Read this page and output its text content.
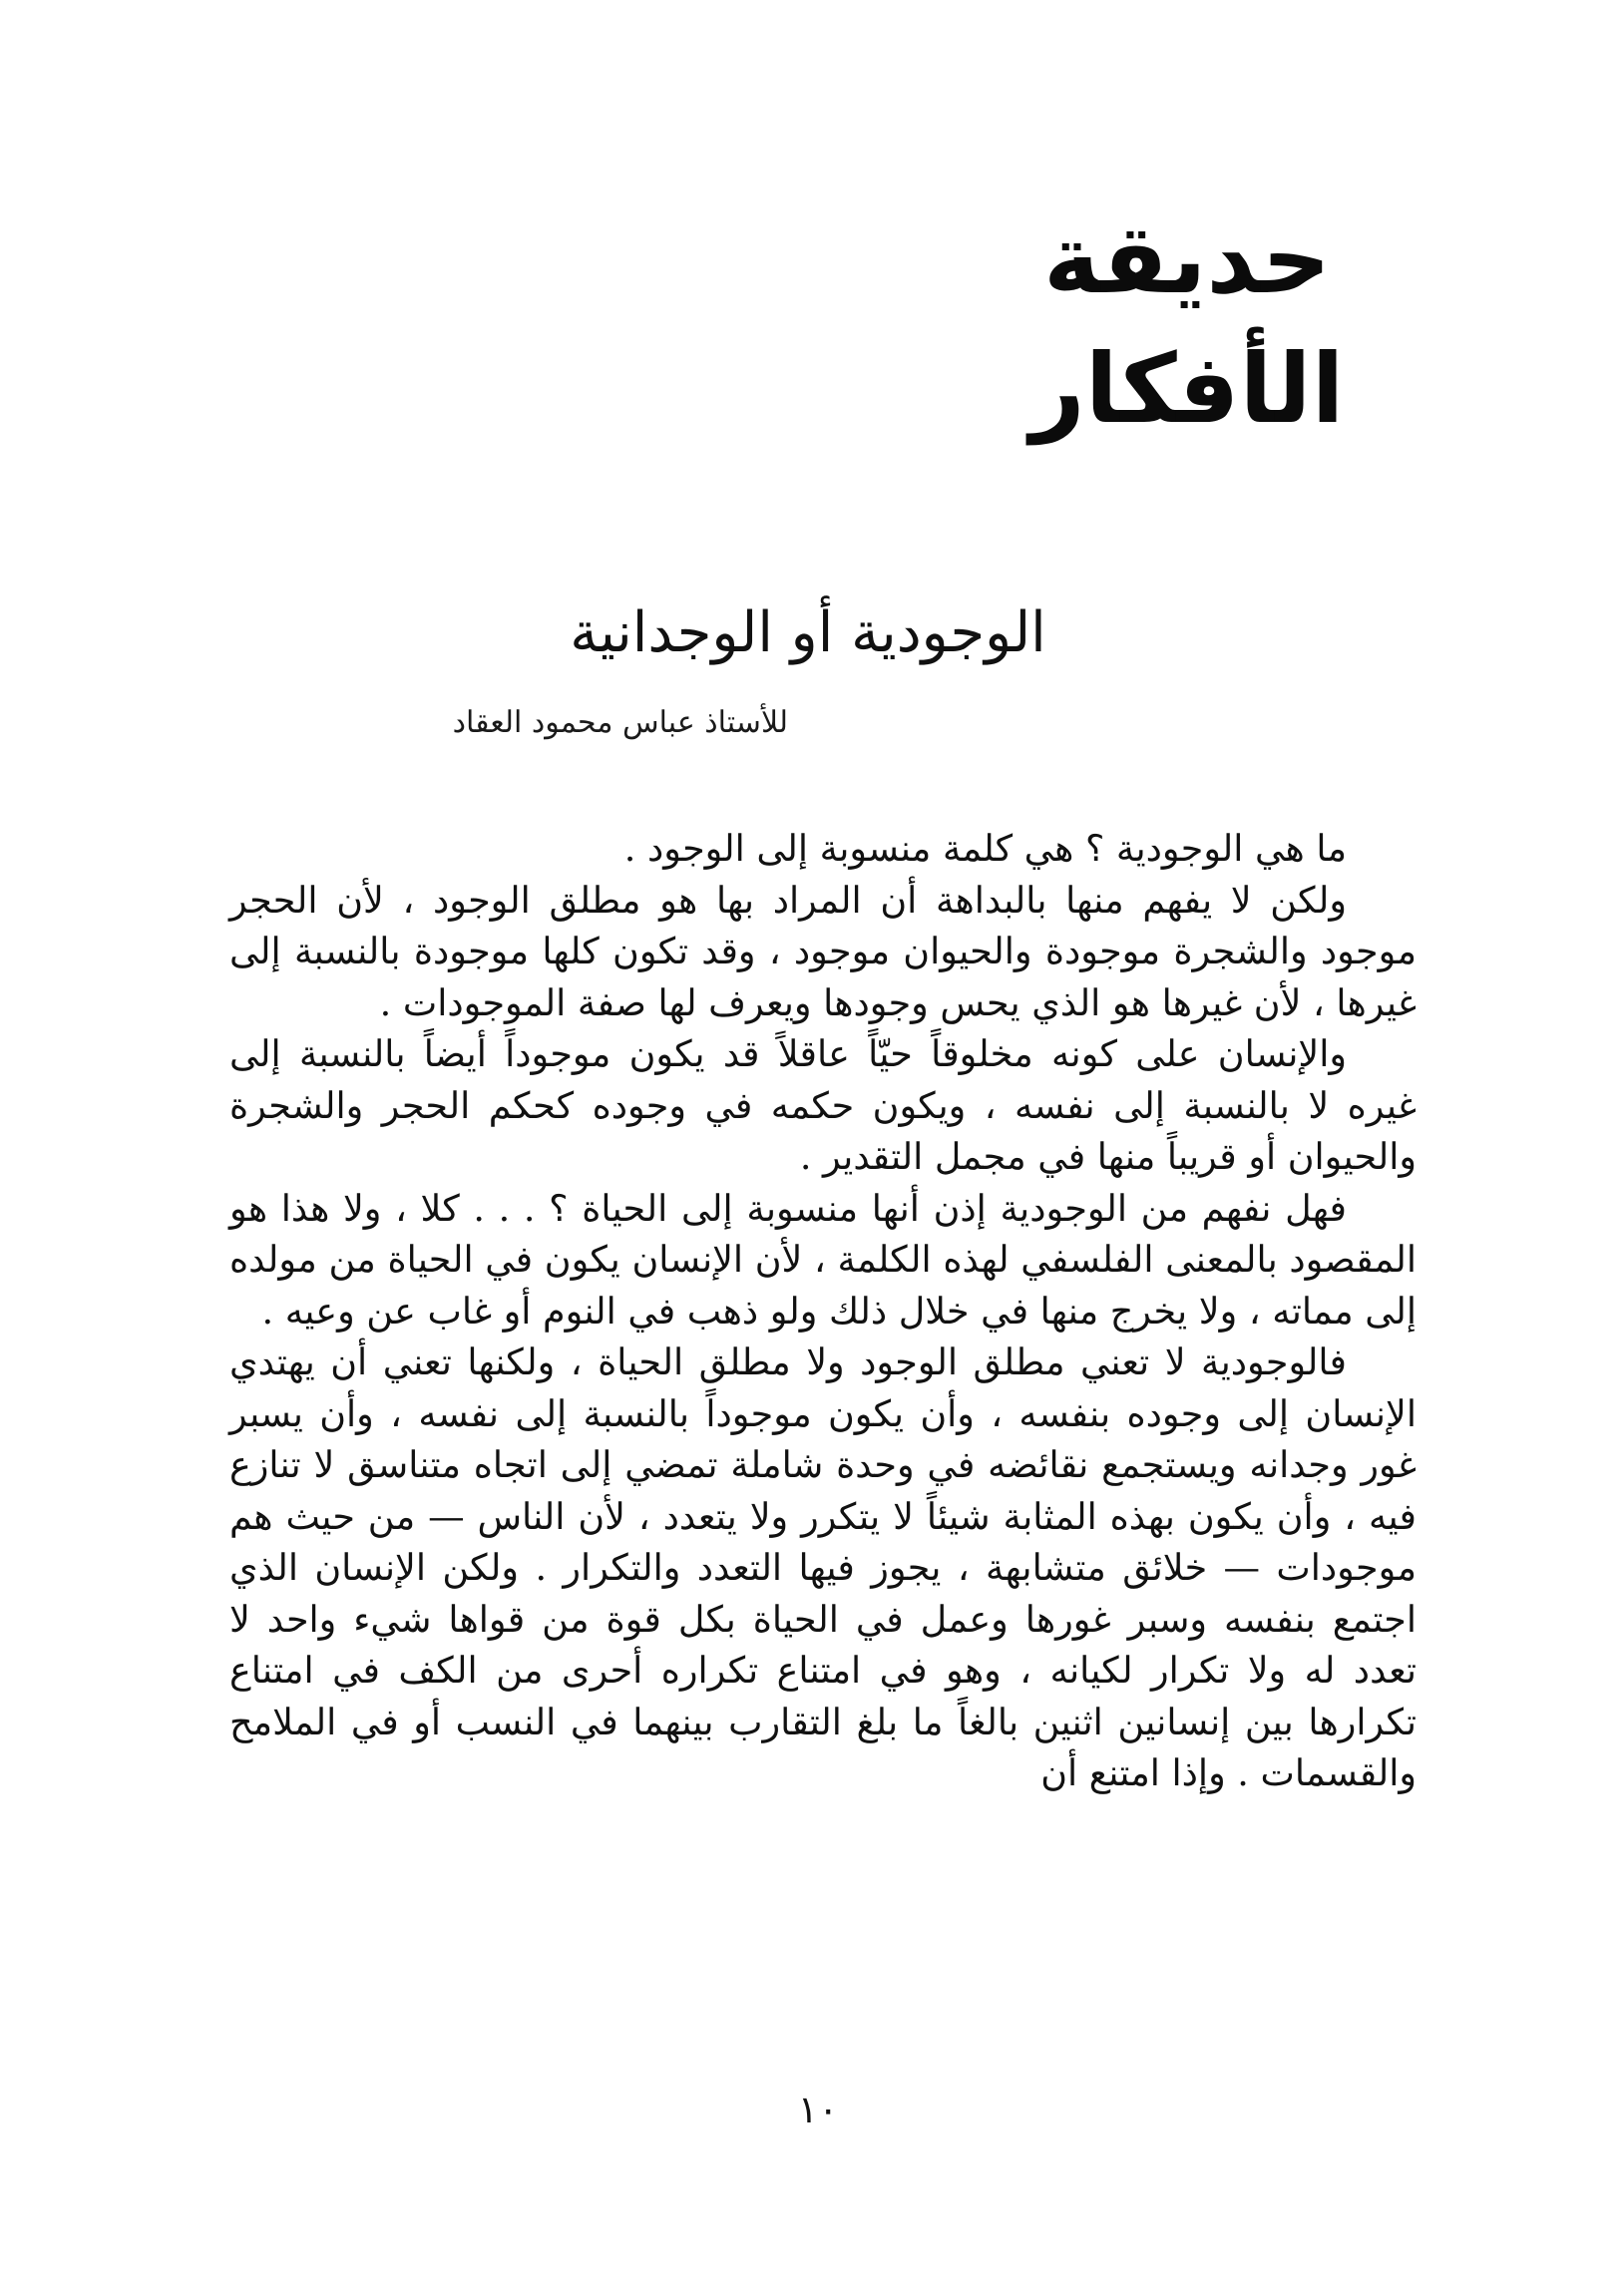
حديقة الأفكار
الوجودية أو الوجدانية
للأستاذ عباس محمود العقاد

ما هي الوجودية ؟ هي كلمة منسوبة إلى الوجود .

ولكن لا يفهم منها بالبداهة أن المراد بها هو مطلق الوجود ، لأن الحجر موجود والشجرة موجودة والحيوان موجود ، وقد تكون كلها موجودة بالنسبة إلى غيرها ، لأن غيرها هو الذي يحس وجودها ويعرف لها صفة الموجودات .

والإنسان على كونه مخلوقاً حيّاً عاقلاً قد يكون موجوداً أيضاً بالنسبة إلى غيره لا بالنسبة إلى نفسه ، ويكون حكمه في وجوده كحكم الحجر والشجرة والحيوان أو قريباً منها في مجمل التقدير .

فهل نفهم من الوجودية إذن أنها منسوبة إلى الحياة ؟ . . . كلا ، ولا هذا هو المقصود بالمعنى الفلسفي لهذه الكلمة ، لأن الإنسان يكون في الحياة من مولده إلى مماته ، ولا يخرج منها في خلال ذلك ولو ذهب في النوم أو غاب عن وعيه .

فالوجودية لا تعني مطلق الوجود ولا مطلق الحياة ، ولكنها تعني أن يهتدي الإنسان إلى وجوده بنفسه ، وأن يكون موجوداً بالنسبة إلى نفسه ، وأن يسبر غور وجدانه ويستجمع نقائضه في وحدة شاملة تمضي إلى اتجاه متناسق لا تنازع فيه ، وأن يكون بهذه المثابة شيئاً لا يتكرر ولا يتعدد ، لأن الناس — من حيث هم موجودات — خلائق متشابهة ، يجوز فيها التعدد والتكرار . ولكن الإنسان الذي اجتمع بنفسه وسبر غورها وعمل في الحياة بكل قوة من قواها شيء واحد لا تعدد له ولا تكرار لكيانه ، وهو في امتناع تكراره أحرى من الكف في امتناع تكرارها بين إنسانين اثنين بالغاً ما بلغ التقارب بينهما في النسب أو في الملامح والقسمات . وإذا امتنع أن

١٠
